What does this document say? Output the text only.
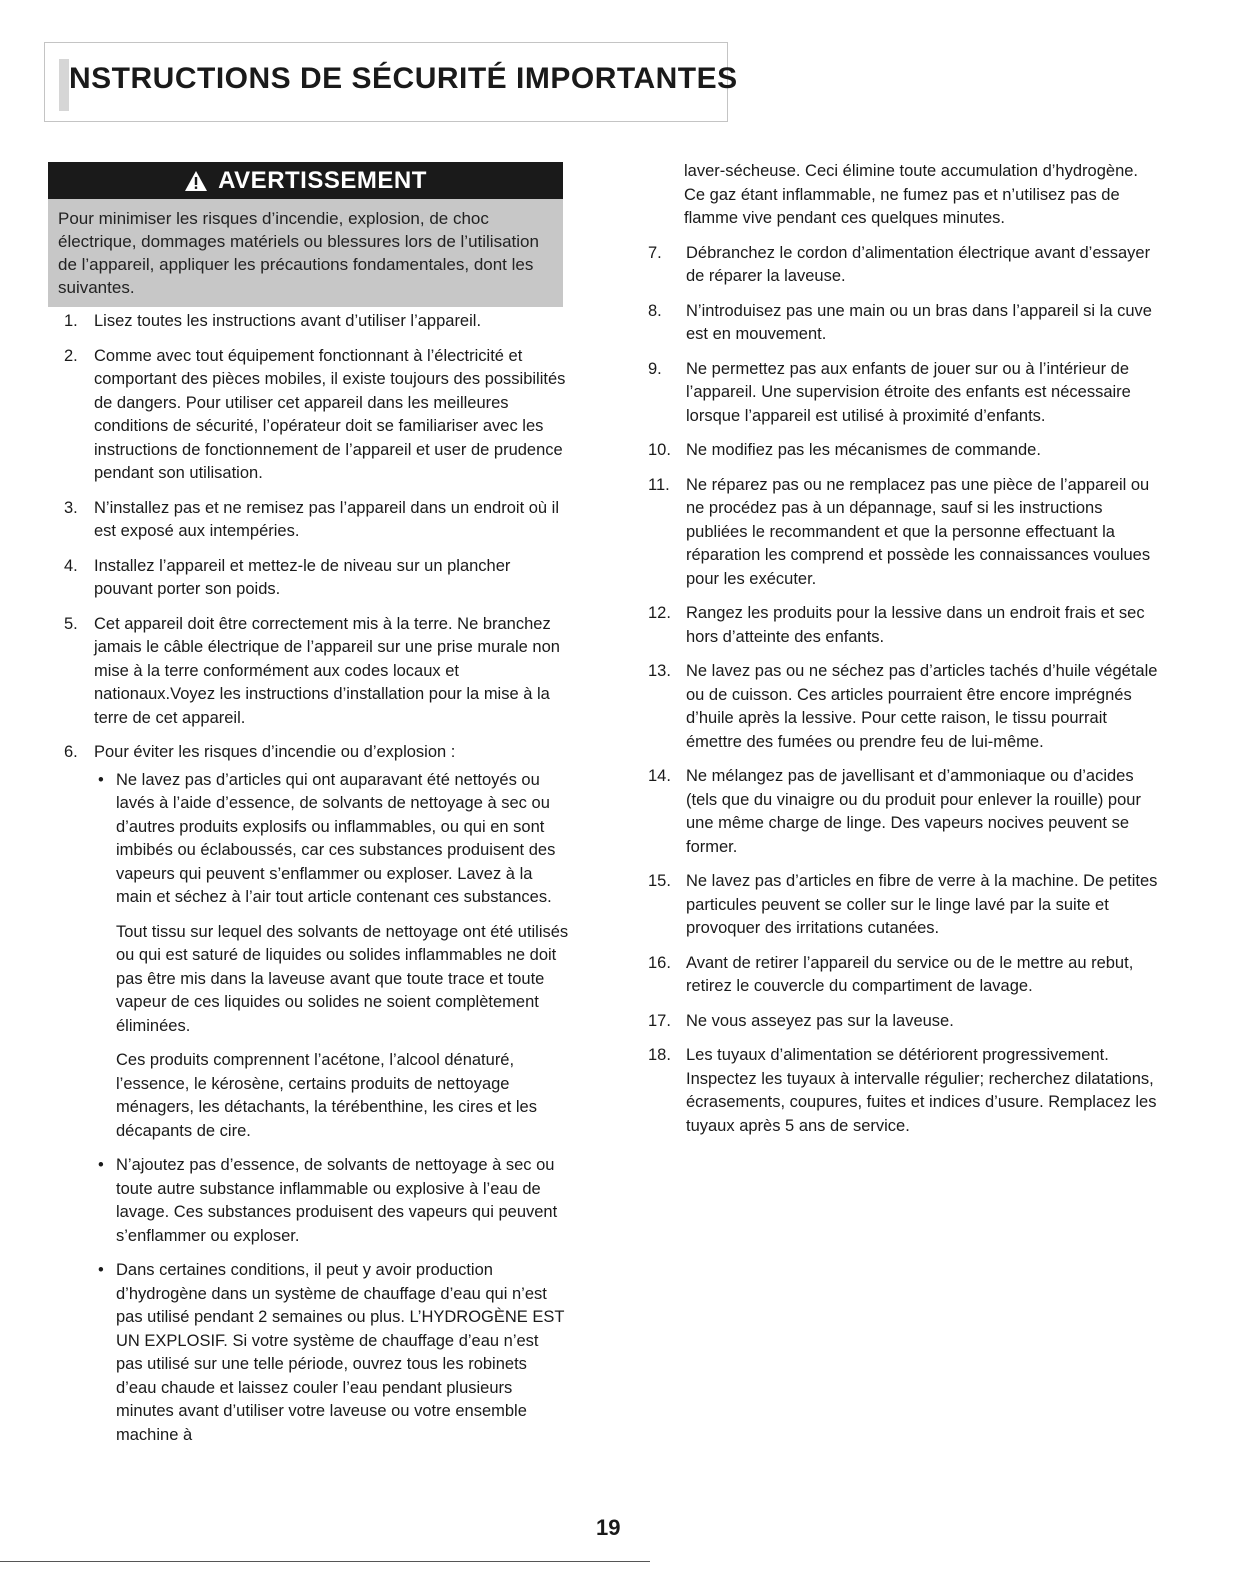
NSTRUCTIONS DE SÉCURITÉ IMPORTANTES
AVERTISSEMENT
Pour minimiser les risques d’incendie, explosion, de choc électrique, dommages matériels ou blessures lors de l’utilisation de l’appareil, appliquer les précautions fondamentales, dont les suivantes.
1. Lisez toutes les instructions avant d’utiliser l’appareil.
2. Comme avec tout équipement fonctionnant à l’électricité et comportant des pièces mobiles, il existe toujours des possibilités de dangers. Pour utiliser cet appareil dans les meilleures conditions de sécurité, l’opérateur doit se familiariser avec les instructions de fonctionnement de l’appareil et user de prudence pendant son utilisation.
3. N’installez pas et ne remisez pas l’appareil dans un endroit où il est exposé aux intempéries.
4. Installez l’appareil et mettez-le de niveau sur un plancher pouvant porter son poids.
5. Cet appareil doit être correctement mis à la terre. Ne branchez jamais le câble électrique de l’appareil sur une prise murale non mise à la terre conformément aux codes locaux et nationaux.Voyez les instructions d’installation pour la mise à la terre de cet appareil.
6. Pour éviter les risques d’incendie ou d’explosion :
• Ne lavez pas d’articles qui ont auparavant été nettoyés ou lavés à l’aide d’essence, de solvants de nettoyage à sec ou d’autres produits explosifs ou inflammables, ou qui en sont imbibés ou éclaboussés, car ces substances produisent des vapeurs qui peuvent s’enflammer ou exploser. Lavez à la main et séchez à l’air tout article contenant ces substances.
Tout tissu sur lequel des solvants de nettoyage ont été utilisés ou qui est saturé de liquides ou solides inflammables ne doit pas être mis dans la laveuse avant que toute trace et toute vapeur de ces liquides ou solides ne soient complètement éliminées.
Ces produits comprennent l’acétone, l’alcool dénaturé, l’essence, le kérosène, certains produits de nettoyage ménagers, les détachants, la térébenthine, les cires et les décapants de cire.
• N’ajoutez pas d’essence, de solvants de nettoyage à sec ou toute autre substance inflammable ou explosive à l’eau de lavage. Ces substances produisent des vapeurs qui peuvent s’enflammer ou exploser.
• Dans certaines conditions, il peut y avoir production d’hydrogène dans un système de chauffage d’eau qui n’est pas utilisé pendant 2 semaines ou plus. L’HYDROGÈNE EST UN EXPLOSIF. Si votre système de chauffage d’eau n’est pas utilisé sur une telle période, ouvrez tous les robinets d’eau chaude et laissez couler l’eau pendant plusieurs minutes avant d’utiliser votre laveuse ou votre ensemble machine à
laver-sécheuse. Ceci élimine toute accumulation d’hydrogène. Ce gaz étant inflammable, ne fumez pas et n’utilisez pas de flamme vive pendant ces quelques minutes.
7.	Débranchez le cordon d’alimentation électrique avant d’essayer de réparer la laveuse.
8.	N’introduisez pas une main ou un bras dans l’appareil si la cuve est en mouvement.
9.	Ne permettez pas aux enfants de jouer sur ou à l’intérieur de l’appareil. Une supervision étroite des enfants est nécessaire lorsque l’appareil est utilisé à proximité d’enfants.
10. Ne modifiez pas les mécanismes de commande.
11. Ne réparez pas ou ne remplacez pas une pièce de l’appareil ou ne procédez pas à un dépannage, sauf si les instructions publiées le recommandent et que la personne effectuant la réparation les comprend et possède les connaissances voulues pour les exécuter.
12. Rangez les produits pour la lessive dans un endroit frais et sec hors d’atteinte des enfants.
13. Ne lavez pas ou ne séchez pas d’articles tachés d’huile végétale ou de cuisson. Ces articles pourraient être encore imprégnés d’huile après la lessive. Pour cette raison, le tissu pourrait émettre des fumées ou prendre feu de lui-même.
14. Ne mélangez pas de javellisant et d’ammoniaque ou d’acides (tels que du vinaigre ou du produit pour enlever la rouille) pour une même charge de linge. Des vapeurs nocives peuvent se former.
15. Ne lavez pas d’articles en fibre de verre à la machine. De petites particules peuvent se coller sur le linge lavé par la suite et provoquer des irritations cutanées.
16. Avant de retirer l’appareil du service ou de le mettre au rebut, retirez le couvercle du compartiment de lavage.
17. Ne vous asseyez pas sur la laveuse.
18. Les tuyaux d’alimentation se détériorent progressivement. Inspectez les tuyaux à intervalle régulier; recherchez dilatations, écrasements, coupures, fuites et indices d’usure. Remplacez les tuyaux après 5 ans de service.
19
